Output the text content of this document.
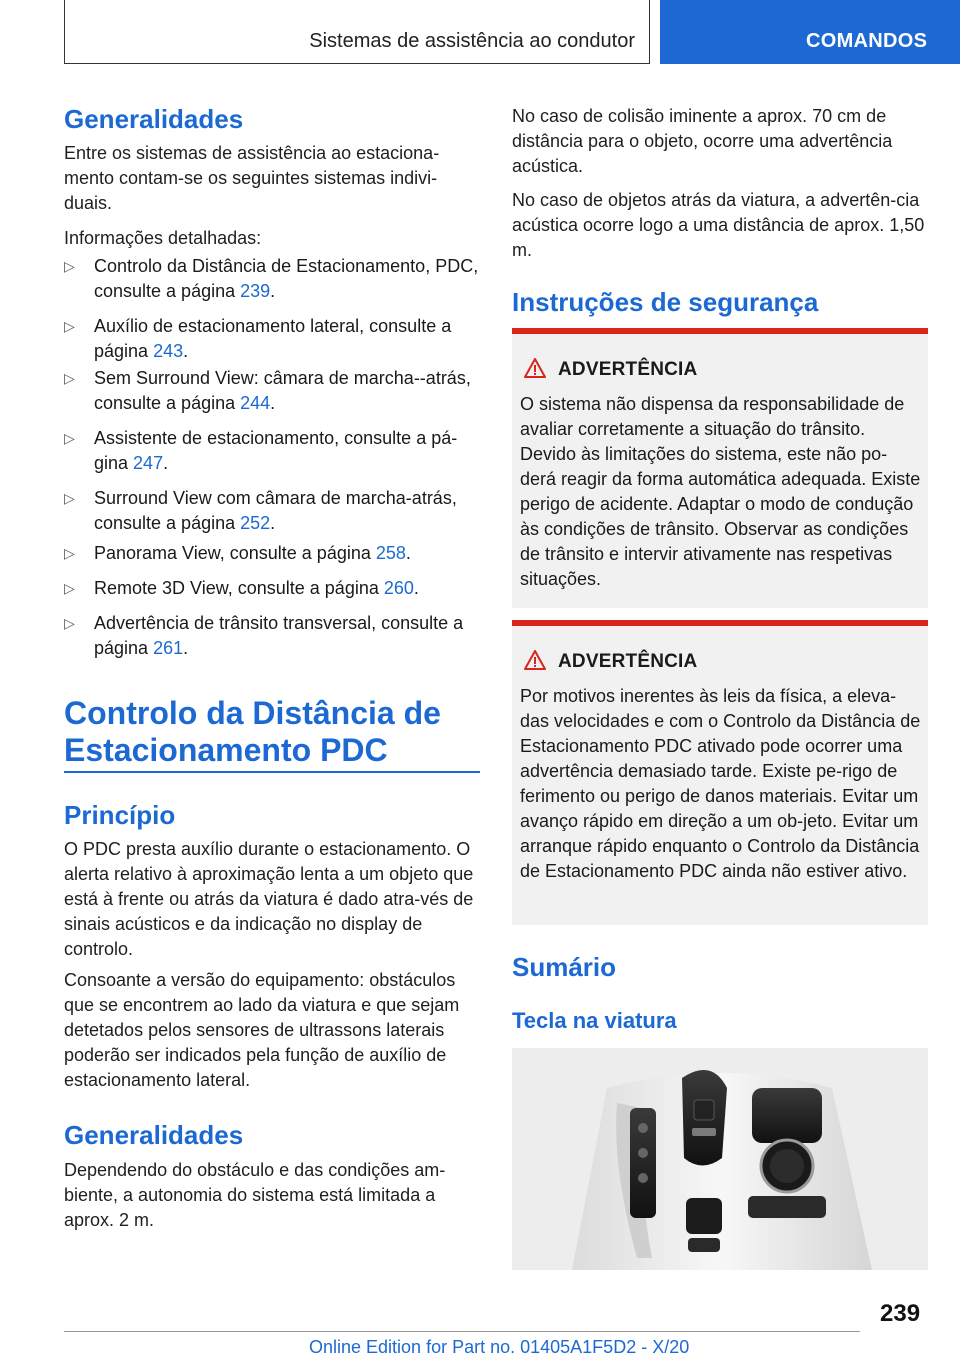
Sistemas de assistência ao condutor	COMANDOS
Generalidades
Entre os sistemas de assistência ao estaciona-mento contam-se os seguintes sistemas indivi-duais.
Informações detalhadas:
▷ Controlo da Distância de Estacionamento, PDC, consulte a página 239.
▷ Auxílio de estacionamento lateral, consulte a página 243.
▷ Sem Surround View: câmara de marcha--atrás, consulte a página 244.
▷ Assistente de estacionamento, consulte a pá-gina 247.
▷ Surround View com câmara de marcha-atrás, consulte a página 252.
▷ Panorama View, consulte a página 258.
▷ Remote 3D View, consulte a página 260.
▷ Advertência de trânsito transversal, consulte a página 261.
Controlo da Distância de
Estacionamento PDC
Princípio
O PDC presta auxílio durante o estacionamento. O alerta relativo à aproximação lenta a um objeto que está à frente ou atrás da viatura é dado atra-vés de sinais acústicos e da indicação no display de controlo.
Consoante a versão do equipamento: obstáculos que se encontrem ao lado da viatura e que sejam detetados pelos sensores de ultrassons laterais poderão ser indicados pela função de auxílio de estacionamento lateral.
Generalidades
Dependendo do obstáculo e das condições am-biente, a autonomia do sistema está limitada a aprox. 2 m.
No caso de colisão iminente a aprox. 70 cm de distância para o objeto, ocorre uma advertência acústica.
No caso de objetos atrás da viatura, a advertên-cia acústica ocorre logo a uma distância de aprox. 1,50 m.
Instruções de segurança
ADVERTÊNCIA
O sistema não dispensa da responsabilidade de avaliar corretamente a situação do trânsito. Devido às limitações do sistema, este não po-derá reagir da forma automática adequada. Existe perigo de acidente. Adaptar o modo de condução às condições de trânsito. Observar as condições de trânsito e intervir ativamente nas respetivas situações.
ADVERTÊNCIA
Por motivos inerentes às leis da física, a eleva-das velocidades e com o Controlo da Distância de Estacionamento PDC ativado pode ocorrer uma advertência demasiado tarde. Existe pe-rigo de ferimento ou perigo de danos materiais. Evitar um avanço rápido em direção a um ob-jeto. Evitar um arranque rápido enquanto o Controlo da Distância de Estacionamento PDC ainda não estiver ativo.
Sumário
Tecla na viatura
239
Online Edition for Part no. 01405A1F5D2 - X/20
